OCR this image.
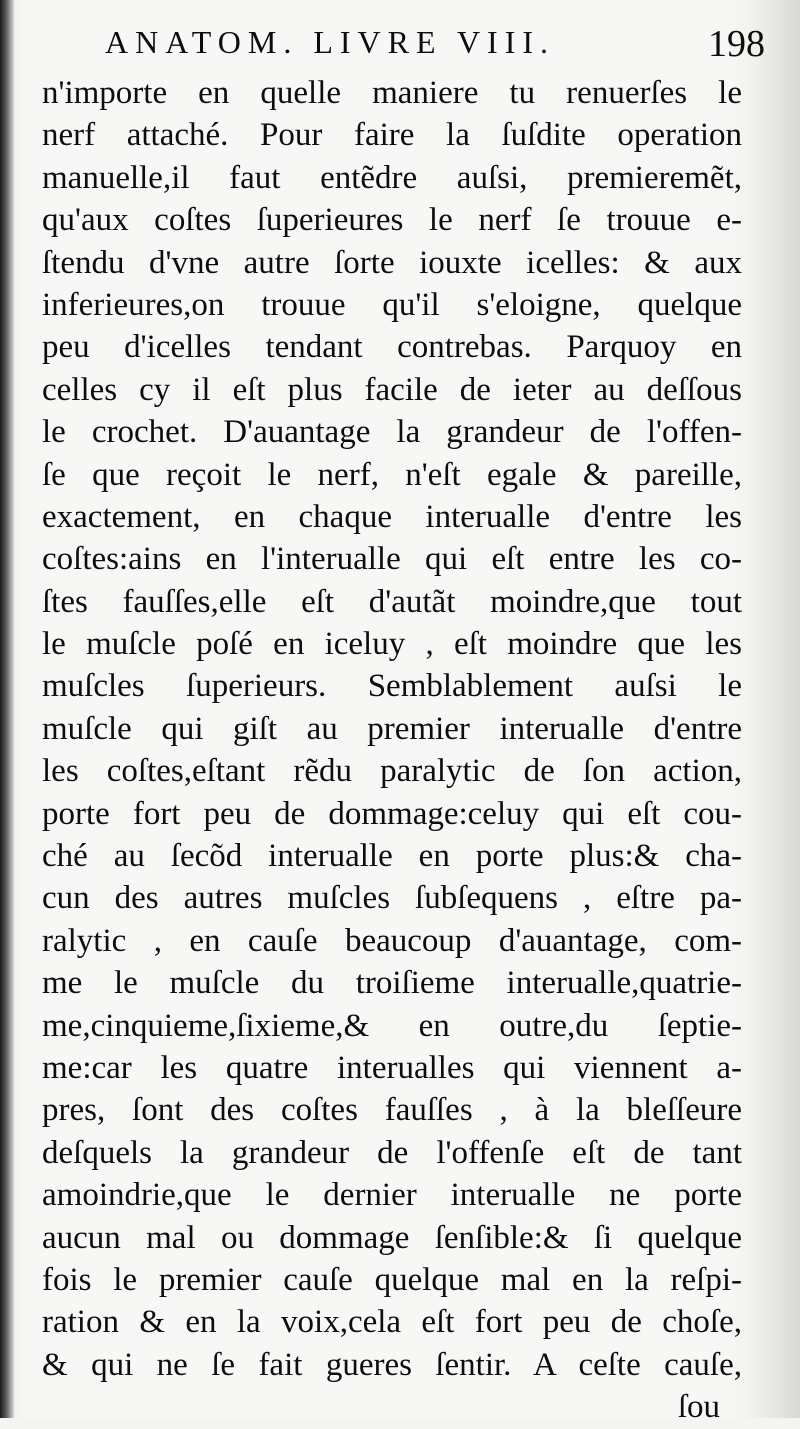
ANATOM. LIVRE VIII.	198
n'importe en quelle maniere tu renuerſes le
nerf attaché. Pour faire la ſuſdite operation
manuelle,il faut entẽdre auſsi, premieremẽt,
qu'aux coſtes ſuperieures le nerf ſe trouue e-
ſtendu d'vne autre ſorte iouxte icelles: & aux
inferieures,on trouue qu'il s'eloigne, quelque
peu d'icelles tendant contrebas. Parquoy en
celles cy il eſt plus facile de ieter au deſſous
le crochet. D'auantage la grandeur de l'offen-
ſe que reçoit le nerf, n'eſt egale & pareille,
exactement, en chaque interualle d'entre les
coſtes:ains en l'interualle qui eſt entre les co-
ſtes fauſſes,elle eſt d'autãt moindre,que tout
le muſcle poſé en iceluy , eſt moindre que les
muſcles ſuperieurs. Semblablement auſsi le
muſcle qui giſt au premier interualle d'entre
les coſtes,eſtant rẽdu paralytic de ſon action,
porte fort peu de dommage:celuy qui eſt cou-
ché au ſecõd interualle en porte plus:& cha-
cun des autres muſcles ſubſequens , eſtre pa-
ralytic , en cauſe beaucoup d'auantage, com-
me le muſcle du troiſieme interualle,quatrie-
me,cinquieme,ſixieme,& en outre,du ſeptie-
me:car les quatre interualles qui viennent a-
pres, ſont des coſtes fauſſes , à la bleſſeure
deſquels la grandeur de l'offenſe eſt de tant
amoindrie,que le dernier interualle ne porte
aucun mal ou dommage ſenſible:& ſi quelque
fois le premier cauſe quelque mal en la reſpi-
ration & en la voix,cela eſt fort peu de choſe,
& qui ne ſe fait gueres ſentir. A ceſte cauſe,
ſou
